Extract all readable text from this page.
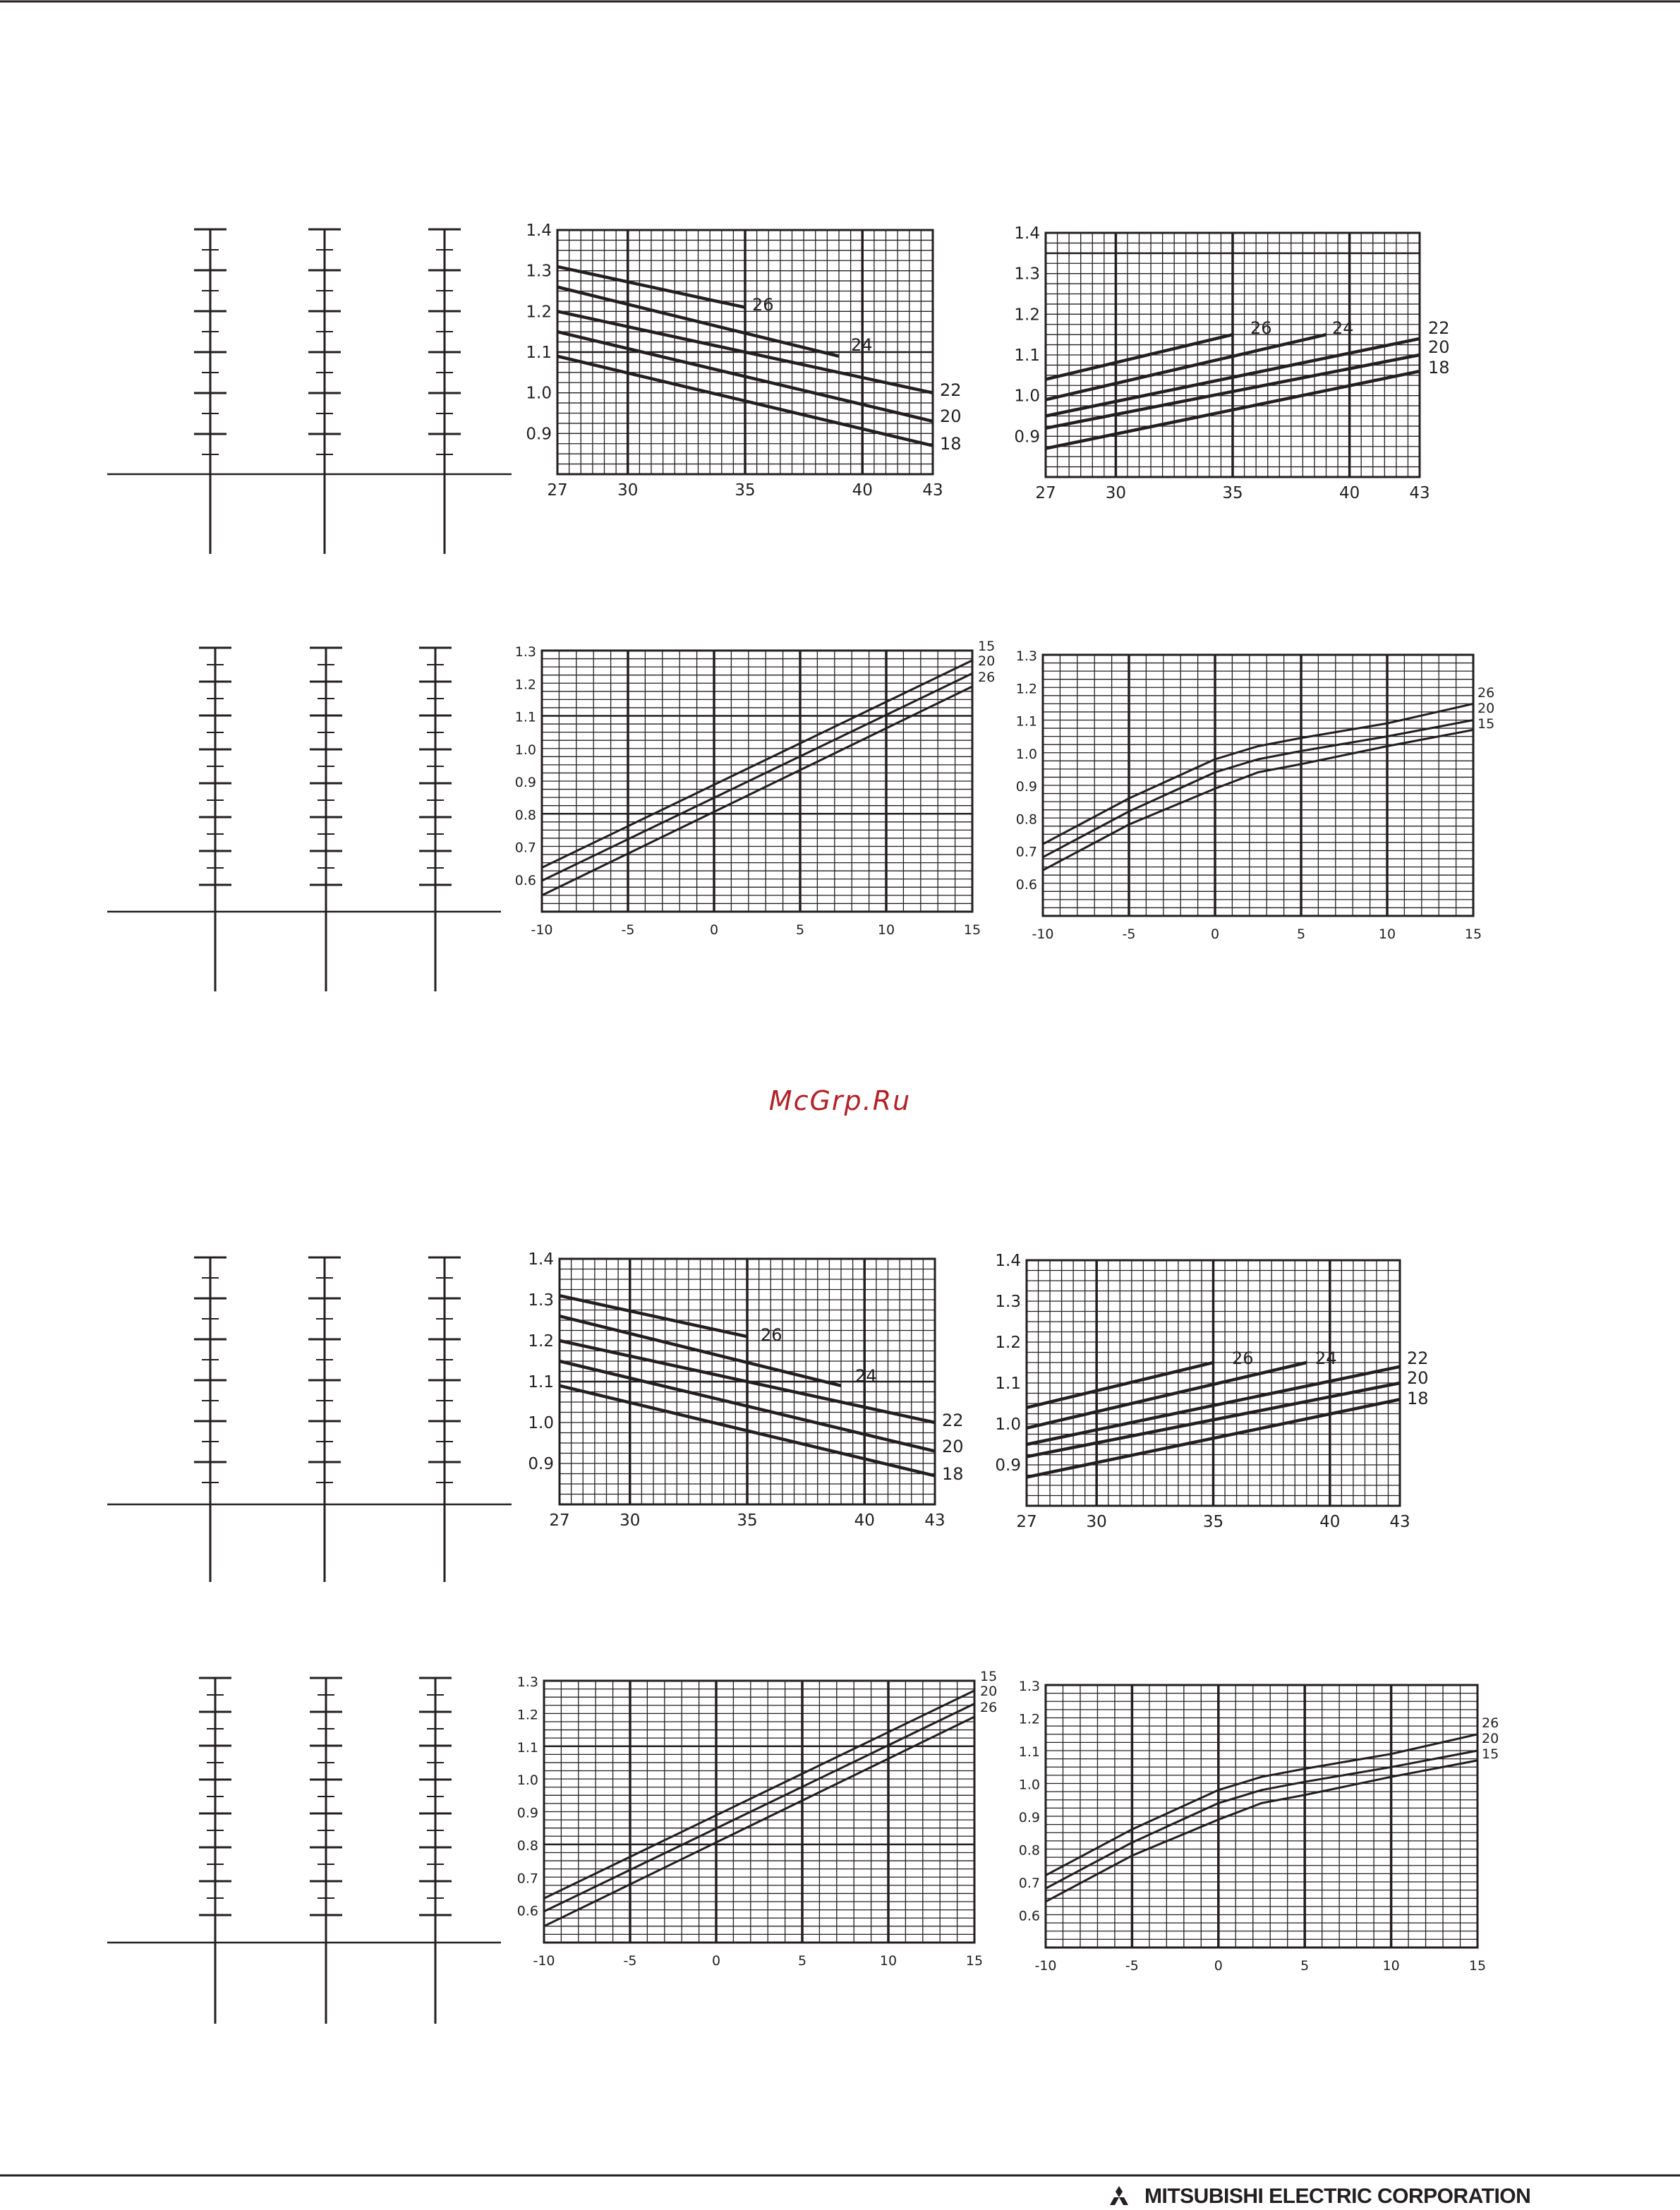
27	30	35	40	43
1.4
1.3
1.2
1.1
1.0
0.9
26
24
22
20
18
27	30	35	40	43
1.4
1.3
1.2
1.1
1.0
0.9
26	24	22
20
18
-10	-5	0	5	10	15
1.3
1.2
1.1
1.0
0.9
0.8
0.7
0.6
15
20
26
-10	-5	0	5	10	15
1.3
1.2
1.1
1.0
0.9
0.8
0.7
0.6
26
20
15
27	30	35	40	43
1.4
1.3
1.2
1.1
1.0
0.9
26
24
22
20
18
27	30	35	40	43
1.4
1.3
1.2
1.1
1.0
0.9
26	24	22
20
18
-10	-5	0	5	10	15
1.3
1.2
1.1
1.0
0.9
0.8
0.7
0.6
15
20
26
-10	-5	0	5	10	15
1.3
1.2
1.1
1.0
0.9
0.8
0.7
0.6
26
20
15
McGrp.Ru
MITSUBISHI ELECTRIC CORPORATION
